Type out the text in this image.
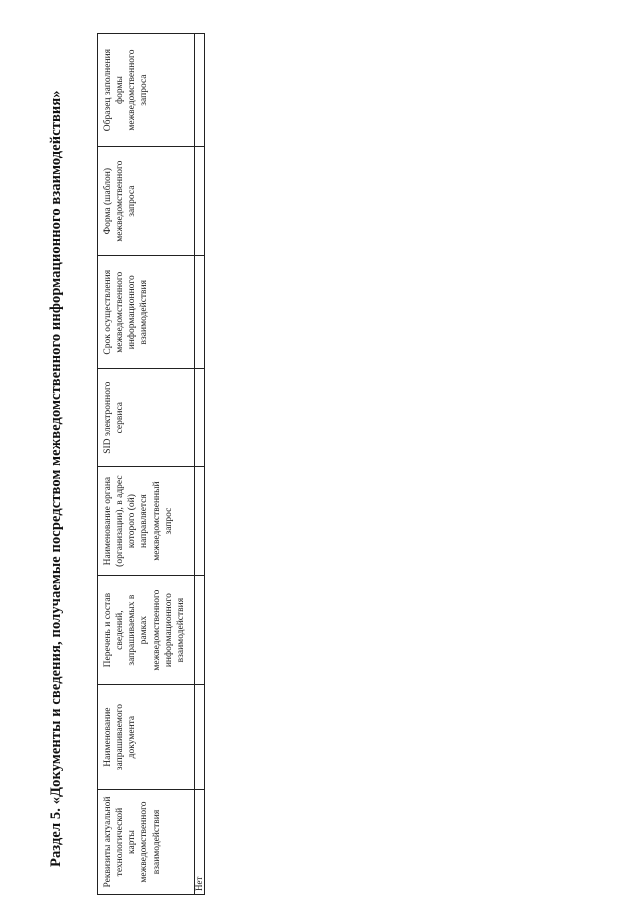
Раздел 5. «Документы и сведения, получаемые посредством межведомственного информационного взаимодействия»	Реквизиты актуальной технологической карты межведомственного взаимодействия	Наименование запрашиваемого документа	Перечень и состав сведений, запрашиваемых в рамках межведомственного информационного взаимодействия	Наименование органа (организации), в адрес которого (ой) направляется межведомственный запрос	SID электронного сервиса	Срок осуществления межведомственного информационного взаимодействия	Форма (шаблон) межведомственного запроса	Образец заполнения формы межведомственного запроса
Нет							
